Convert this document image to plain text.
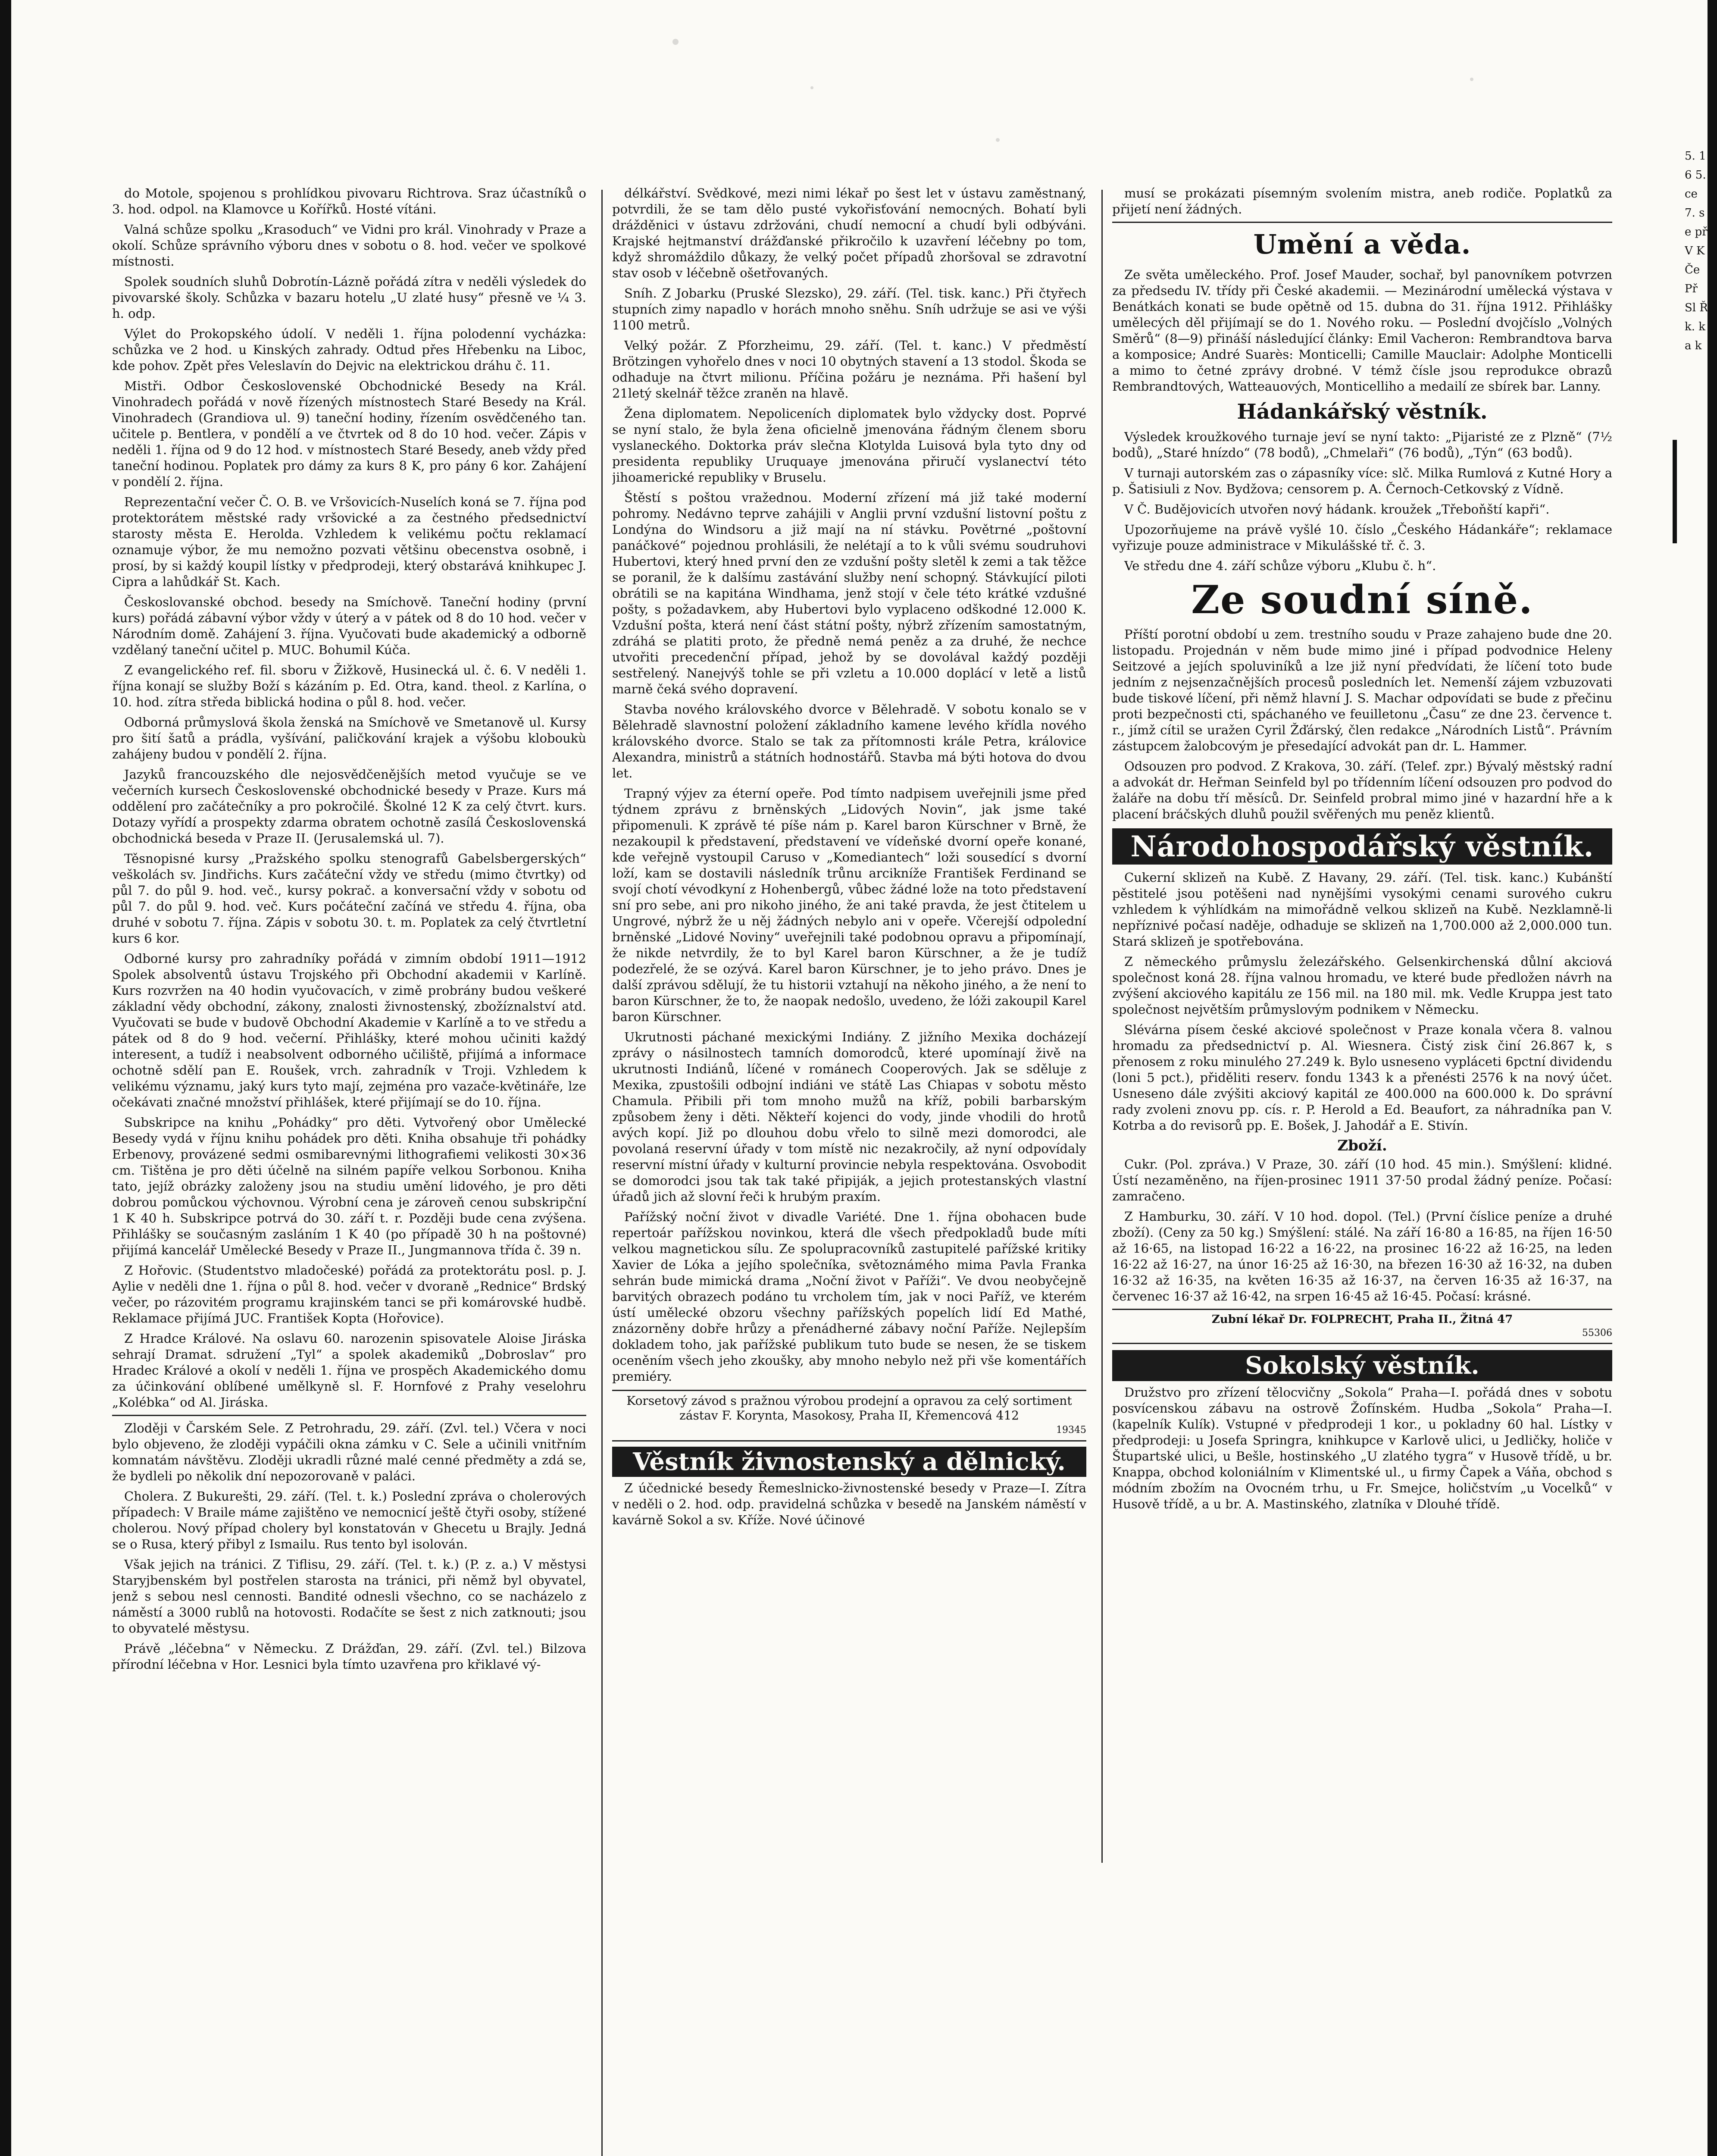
5. 16 5. ce 7. se př V K Če Př Sl Ř k. ka k

do Motole, spojenou s prohlídkou pivovaru Richtrova. Sraz účastníků o 3. hod. odpol. na Klamovce u Kořířků. Hosté vítáni.

Valná schůze spolku „Krasoduch“ ve Vidni pro král. Vinohrady v Praze a okolí. Schůze správního výboru dnes v sobotu o 8. hod. večer ve spolkové místnosti.

Spolek soudních sluhů Dobrotín-Lázně pořádá zítra v neděli výsledek do pivovarské školy. Schůzka v bazaru hotelu „U zlaté husy“ přesně ve ¼ 3. h. odp.

Výlet do Prokopského údolí. V neděli 1. října polodenní vycházka: schůzka ve 2 hod. u Kinských zahrady. Odtud přes Hřebenku na Liboc, kde pohov. Zpět přes Veleslavín do Dejvic na elektrickou dráhu č. 11.

Mistři. Odbor Československé Obchodnické Besedy na Král. Vinohradech pořádá v nově řízených místnostech Staré Besedy na Král. Vinohradech (Grandiova ul. 9) taneční hodiny, řízením osvědčeného tan. učitele p. Bentlera, v pondělí a ve čtvrtek od 8 do 10 hod. večer. Zápis v neděli 1. října od 9 do 12 hod. v místnostech Staré Besedy, aneb vždy před taneční hodinou. Poplatek pro dámy za kurs 8 K, pro pány 6 kor. Zahájení v pondělí 2. října.

Reprezentační večer Č. O. B. ve Vršovicích-Nuselích koná se 7. října pod protektorátem městské rady vršovické a za čestného předsednictví starosty města E. Herolda. Vzhledem k velikému počtu reklamací oznamuje výbor, že mu nemožno pozvati většinu obecenstva osobně, i prosí, by si každý koupil lístky v předprodeji, který obstarává knihkupec J. Cipra a lahůdkář St. Kach.

Českoslovanské obchod. besedy na Smíchově. Taneční hodiny (první kurs) pořádá zábavní výbor vždy v úterý a v pátek od 8 do 10 hod. večer v Národním domě. Zahájení 3. října. Vyučovati bude akademický a odborně vzdělaný taneční učitel p. MUC. Bohumil Kúča.

Z evangelického ref. fil. sboru v Žižkově, Husinecká ul. č. 6. V neděli 1. října konají se služby Boží s kázáním p. Ed. Otra, kand. theol. z Karlína, o 10. hod. zítra středa biblická hodina o půl 8. hod. večer.

Odborná průmyslová škola ženská na Smíchově ve Smetanově ul. Kursy pro šití šatů a prádla, vyšívání, paličkování krajek a výšobu kloboukù zahájeny budou v pondělí 2. října.

Jazyků francouzského dle nejosvědčenějších metod vyučuje se ve večerních kursech Československé obchodnické besedy v Praze. Kurs má oddělení pro začátečníky a pro pokročilé. Školné 12 K za celý čtvrt. kurs. Dotazy vyřídí a prospekty zdarma obratem ochotně zasílá Československá obchodnická beseda v Praze II. (Jerusalemská ul. 7).

Těsnopisné kursy „Pražského spolku stenografů Gabelsbergerských“ veškolách sv. Jindřichs. Kurs začáteční vždy ve středu (mimo čtvrtky) od půl 7. do půl 9. hod. več., kursy pokrač. a konversační vždy v sobotu od půl 7. do půl 9. hod. več. Kurs počáteční začíná ve středu 4. října, oba druhé v sobotu 7. října. Zápis v sobotu 30. t. m. Poplatek za celý čtvrtletní kurs 6 kor.

Odborné kursy pro zahradníky pořádá v zimním období 1911—1912 Spolek absolventů ústavu Trojského při Obchodní akademii v Karlíně. Kurs rozvržen na 40 hodin vyučovacích, v zimě probrány budou veškeré základní vědy obchodní, zákony, znalosti živnostenský, zbožíznalství atd. Vyučovati se bude v budově Obchodní Akademie v Karlíně a to ve středu a pátek od 8 do 9 hod. večerní. Přihlášky, které mohou učiniti každý interesent, a tudíž i neabsolvent odborného učiliště, přijímá a informace ochotně sdělí pan E. Roušek, vrch. zahradník v Troji. Vzhledem k velikému významu, jaký kurs tyto mají, zejména pro vazače-květináře, lze očekávati značné množství přihlášek, které přijímají se do 10. října.

Subskripce na knihu „Pohádky“ pro děti. Vytvořený obor Umělecké Besedy vydá v říjnu knihu pohádek pro děti. Kniha obsahuje tři pohádky Erbenovy, provázené sedmi osmibarevnými lithografiemi velikosti 30×36 cm. Tištěna je pro děti účelně na silném papíře velkou Sorbonou. Kniha tato, jejíž obrázky založeny jsou na studiu umění lidového, je pro děti dobrou pomůckou výchovnou. Výrobní cena je zároveň cenou subskripční 1 K 40 h. Subskripce potrvá do 30. září t. r. Později bude cena zvýšena. Přihlášky se současným zasláním 1 K 40 (po případě 30 h na poštovné) přijímá kancelář Umělecké Besedy v Praze II., Jungmannova třída č. 39 n.

Z Hořovic. (Studentstvo mladočeské) pořádá za protektorátu posl. p. J. Aylie v neděli dne 1. října o půl 8. hod. večer v dvoraně „Rednice“ Brdský večer, po rázovitém programu krajinském tanci se při komárovské hudbě. Reklamace přijímá JUC. František Kopta (Hořovice).

Z Hradce Králové. Na oslavu 60. narozenin spisovatele Aloise Jiráska sehrají Dramat. sdružení „Tyl“ a spolek akademiků „Dobroslav“ pro Hradec Králové a okolí v neděli 1. října ve prospěch Akademického domu za účinkování oblíbené umělkyně sl. F. Hornfové z Prahy veselohru „Kolébka“ od Al. Jiráska.

Zloději v Čarském Sele. Z Petrohradu, 29. září. (Zvl. tel.) Včera v noci bylo objeveno, že zloději vypáčili okna zámku v C. Sele a učinili vnitřním komnatám návštěvu. Zloději ukradli různé malé cenné předměty a zdá se, že bydleli po několik dní nepozorovaně v paláci.

Cholera. Z Bukurešti, 29. září. (Tel. t. k.) Poslední zpráva o cholerových případech: V Braile máme zajištěno ve nemocnicí ještě čtyři osoby, stížené cholerou. Nový případ cholery byl konstatován v Ghecetu u Brajly. Jedná se o Rusa, který přibyl z Ismailu. Rus tento byl isolován.

Však jejich na tránici. Z Tiflisu, 29. září. (Tel. t. k.) (P. z. a.) V městysi Staryjbenském byl postřelen starosta na tránici, při němž byl obyvatel, jenž s sebou nesl cennosti. Bandité odnesli všechno, co se nacházelo z náměstí a 3000 rublů na hotovosti. Rodačíte se šest z nich zatknouti; jsou to obyvatelé městysu.

Právě „léčebna“ v Německu. Z Drážďan, 29. září. (Zvl. tel.) Bilzova přírodní léčebna v Hor. Lesnici byla tímto uzavřena pro křiklavé vý-

délkářství. Svědkové, mezi nimi lékař po šest let v ústavu zaměstnaný, potvrdili, že se tam dělo pusté vykořisťování nemocných. Bohatí byli drážděnici v ústavu zdržováni, chudí nemocní a chudí byli odbýváni. Krajské hejtmanství drážďanské přikročilo k uzavření léčebny po tom, když shromáždilo důkazy, že velký počet případů zhoršoval se zdravotní stav osob v léčebně ošetřovaných.

Sníh. Z Jobarku (Pruské Slezsko), 29. září. (Tel. tisk. kanc.) Při čtyřech stupních zimy napadlo v horách mnoho sněhu. Sníh udržuje se asi ve výši 1100 metrů.

Velký požár. Z Pforzheimu, 29. září. (Tel. t. kanc.) V předměstí Brötzingen vyhořelo dnes v noci 10 obytných stavení a 13 stodol. Škoda se odhaduje na čtvrt milionu. Příčina požáru je neznáma. Při hašení byl 21letý skelnář těžce zraněn na hlavě.

Žena diplomatem. Nepoliceních diplomatek bylo vždycky dost. Poprvé se nyní stalo, že byla žena oficielně jmenována řádným členem sboru vyslaneckého. Doktorka práv slečna Klotylda Luisová byla tyto dny od presidenta republiky Uruquaye jmenována přiručí vyslanectví této jihoamerické republiky v Bruselu.

Štěstí s poštou vražednou. Moderní zřízení má již také moderní pohromy. Nedávno teprve zahájili v Anglii první vzdušní listovní poštu z Londýna do Windsoru a již mají na ní stávku. Povětrné „poštovní panáčkové“ pojednou prohlásili, že nelétají a to k vůli svému soudruhovi Hubertovi, který hned první den ze vzdušní pošty sletěl k zemi a tak těžce se poranil, že k dalšímu zastávání služby není schopný. Stávkující piloti obrátili se na kapitána Windhama, jenž stojí v čele této krátké vzdušné pošty, s požadavkem, aby Hubertovi bylo vyplaceno odškodné 12.000 K. Vzdušní pošta, která není část státní pošty, nýbrž zřízením samostatným, zdráhá se platiti proto, že předně nemá peněz a za druhé, že nechce utvořiti precedenční případ, jehož by se dovolával každý později sestřelený. Nanejvýš tohle se při vzletu a 10.000 doplácí v letě a listů marně čeká svého dopravení.

Stavba nového královského dvorce v Bělehradě. V sobotu konalo se v Bělehradě slavnostní položení základního kamene levého křídla nového královského dvorce. Stalo se tak za přítomnosti krále Petra, královice Alexandra, ministrů a státních hodnostářů. Stavba má býti hotova do dvou let.

Trapný výjev za éterní opeře. Pod tímto nadpisem uveřejnili jsme před týdnem zprávu z brněnských „Lidových Novin“, jak jsme také připomenuli. K zprávě té píše nám p. Karel baron Kürschner v Brně, že nezakoupil k představení, představení ve vídeňské dvorní opeře konané, kde veřejně vystoupil Caruso v „Komediantech“ loži sousedící s dvorní loží, kam se dostavili následník trůnu arcikníže František Ferdinand se svojí chotí vévodkyní z Hohenbergů, vůbec žádné lože na toto představení sní pro sebe, ani pro nikoho jiného, že ani také pravda, že jest čtitelem u Ungrové, nýbrž že u něj žádných nebylo ani v opeře. Včerejší odpolední brněnské „Lidové Noviny“ uveřejnili také podobnou opravu a připomínají, že nikde netvrdily, že to byl Karel baron Kürschner, a že je tudíž podezřelé, že se ozývá. Karel baron Kürschner, je to jeho právo. Dnes je další zprávou sdělují, že tu historii vztahují na někoho jiného, a že není to baron Kürschner, že to, že naopak nedošlo, uvedeno, že lóži zakoupil Karel baron Kürschner.

Ukrutnosti páchané mexickými Indiány. Z jižního Mexika docházejí zprávy o násilnostech tamních domorodců, které upomínají živě na ukrutnosti Indiánů, líčené v románech Cooperových. Jak se sděluje z Mexika, zpustošili odbojní indiáni ve státě Las Chiapas v sobotu město Chamula. Přibili při tom mnoho mužů na kříž, pobili barbarským způsobem ženy i děti. Někteří kojenci do vody, jinde vhodili do hrotů avých kopí. Již po dlouhou dobu vřelo to silně mezi domorodci, ale povolaná reservní úřady v tom místě nic nezakročily, až nyní odpovídaly reservní místní úřady v kulturní provincie nebyla respektována. Osvobodit se domorodci jsou tak tak také připiják, a jejich protestanských vlastní úřadů jich až slovní řeči k hrubým praxím.

Pařížský noční život v divadle Variété. Dne 1. října obohacen bude repertoár pařížskou novinkou, která dle všech předpokladů bude míti velkou magnetickou sílu. Ze spolupracovníků zastupitelé pařížské kritiky Xavier de Lóka a jejího společníka, světoznámého mima Pavla Franka sehrán bude mimická drama „Noční život v Paříži“. Ve dvou neobyčejně barvitých obrazech podáno tu vrcholem tím, jak v noci Paříž, ve kterém ústí umělecké obzoru všechny pařížských popelích lidí Ed Mathé, znázorněny dobře hrůzy a přenádherné zábavy noční Paříže. Nejlepším dokladem toho, jak pařížské publikum tuto bude se nesen, že se tiskem oceněním všech jeho zkoušky, aby mnoho nebylo než při vše komentářích premiéry.

Korsetový závod s pražnou výrobou prodejní a opravou za celý sortiment
zástav F. Korynta, Masokosy, Praha II, Křemencová 412
19345
Věstník živnostenský a dělnický.

Z účednické besedy Řemeslnicko-živnostenské besedy v Praze—I. Zítra v neděli o 2. hod. odp. pravidelná schůzka v besedě na Janském náměstí v kavárně Sokol a sv. Kříže. Nové účinové

musí se prokázati písemným svolením mistra, aneb rodiče. Poplatků za přijetí není žádných.

Umění a věda.

Ze světa uměleckého. Prof. Josef Mauder, sochař, byl panovníkem potvrzen za předsedu IV. třídy při České akademii. — Mezinárodní umělecká výstava v Benátkách konati se bude opětně od 15. dubna do 31. října 1912. Přihlášky umělecých děl přijímají se do 1. Nového roku. — Poslední dvojčíslo „Volných Směrů“ (8—9) přináší následující články: Emil Vacheron: Rembrandtova barva a komposice; André Suarès: Monticelli; Camille Mauclair: Adolphe Monticelli a mimo to četné zprávy drobné. V témž čísle jsou reprodukce obrazů Rembrandtových, Watteauových, Monticelliho a medailí ze sbírek bar. Lanny.

Hádankářský věstník.

Výsledek kroužkového turnaje jeví se nyní takto: „Pijaristé ze z Plzně“ (7½ bodů), „Staré hnízdo“ (78 bodů), „Chmelaři“ (76 bodů), „Týn“ (63 bodů).

V turnaji autorském zas o zápasníky více: slč. Milka Rumlová z Kutné Hory a p. Šatisiuli z Nov. Bydžova; censorem p. A. Černoch-Cetkovský z Vídně.

V Č. Budějovicích utvořen nový hádank. kroužek „Třeboňští kapři“.

Upozorňujeme na právě vyšlé 10. číslo „Českého Hádankáře“; reklamace vyřizuje pouze administrace v Mikulášské tř. č. 3.

Ve středu dne 4. září schůze výboru „Klubu č. h“.

Ze soudní síně.

Příští porotní období u zem. trestního soudu v Praze zahajeno bude dne 20. listopadu. Projednán v něm bude mimo jiné i případ podvodnice Heleny Seitzové a jejích spoluviníků a lze již nyní předvídati, že líčení toto bude jedním z nejsenzačnějších procesů posledních let. Nemenší zájem vzbuzovati bude tiskové líčení, při němž hlavní J. S. Machar odpovídati se bude z přečinu proti bezpečnosti cti, spáchaného ve feuilletonu „Času“ ze dne 23. července t. r., jímž cítil se uražen Cyril Žďárský, člen redakce „Národních Listů“. Právním zástupcem žalobcovým je přesedající advokát pan dr. L. Hammer.

Odsouzen pro podvod. Z Krakova, 30. září. (Telef. zpr.) Bývalý městský radní a advokát dr. Heřman Seinfeld byl po třídenním líčení odsouzen pro podvod do žaláře na dobu tří měsíců. Dr. Seinfeld probral mimo jiné v hazardní hře a k placení bráčských dluhů použil svěřených mu peněz klientů.

Národohospodářský věstník.

Cukerní sklizeň na Kubě. Z Havany, 29. září. (Tel. tisk. kanc.) Kubánští pěstitelé jsou potěšeni nad nynějšími vysokými cenami surového cukru vzhledem k výhlídkám na mimořádně velkou sklizeň na Kubě. Nezklamně-li nepříznivé počasí naděje, odhaduje se sklizeň na 1,700.000 až 2,000.000 tun. Stará sklizeň je spotřebována.

Z německého průmyslu železářského. Gelsenkirchenská důlní akciová společnost koná 28. října valnou hromadu, ve které bude předložen návrh na zvýšení akciového kapitálu ze 156 mil. na 180 mil. mk. Vedle Kruppa jest tato společnost největším průmyslovým podnikem v Německu.

Slévárna písem české akciové společnost v Praze konala včera 8. valnou hromadu za předsednictví p. Al. Wiesnera. Čistý zisk činí 26.867 k, s přenosem z roku minulého 27.249 k. Bylo usneseno vypláceti 6pctní dividendu (loni 5 pct.), přiděliti reserv. fondu 1343 k a přenésti 2576 k na nový účet. Usneseno dále zvýšiti akciový kapitál ze 400.000 na 600.000 k. Do správní rady zvoleni znovu pp. cís. r. P. Herold a Ed. Beaufort, za náhradníka pan V. Kotrba a do revisorů pp. E. Bošek, J. Jahodář a E. Stivín.

Zboží.

Cukr. (Pol. zpráva.) V Praze, 30. září (10 hod. 45 min.). Smýšlení: klidné. Ústí nezaměněno, na říjen-prosinec 1911 37·50 prodal žádný peníze. Počasí: zamračeno.

Z Hamburku, 30. září. V 10 hod. dopol. (Tel.) (První číslice peníze a druhé zboží). (Ceny za 50 kg.) Smýšlení: stálé. Na září 16·80 a 16·85, na říjen 16·50 až 16·65, na listopad 16·22 a 16·22, na prosinec 16·22 až 16·25, na leden 16·22 až 16·27, na únor 16·25 až 16·30, na březen 16·30 až 16·32, na duben 16·32 až 16·35, na květen 16·35 až 16·37, na červen 16·35 až 16·37, na červenec 16·37 až 16·42, na srpen 16·45 až 16·45. Počasí: krásné.

Zubní lékař Dr. FOLPRECHT, Praha II., Žitná 47
55306
Sokolský věstník.

Družstvo pro zřízení tělocvičny „Sokola“ Praha—I. pořádá dnes v sobotu posvícenskou zábavu na ostrově Žofínském. Hudba „Sokola“ Praha—I. (kapelník Kulík). Vstupné v předprodeji 1 kor., u pokladny 60 hal. Lístky v předprodeji: u Josefa Springra, knihkupce v Karlově ulici, u Jedličky, holiče v Štupartské ulici, u Bešle, hostinského „U zlatého tygra“ v Husově třídě, u br. Knappa, obchod koloniálním v Klimentské ul., u firmy Čapek a Váňa, obchod s módním zbožím na Ovocném trhu, u Fr. Smejce, holičstvím „u Vocelků“ v Husově třídě, a u br. A. Mastinského, zlatníka v Dlouhé třídě.
